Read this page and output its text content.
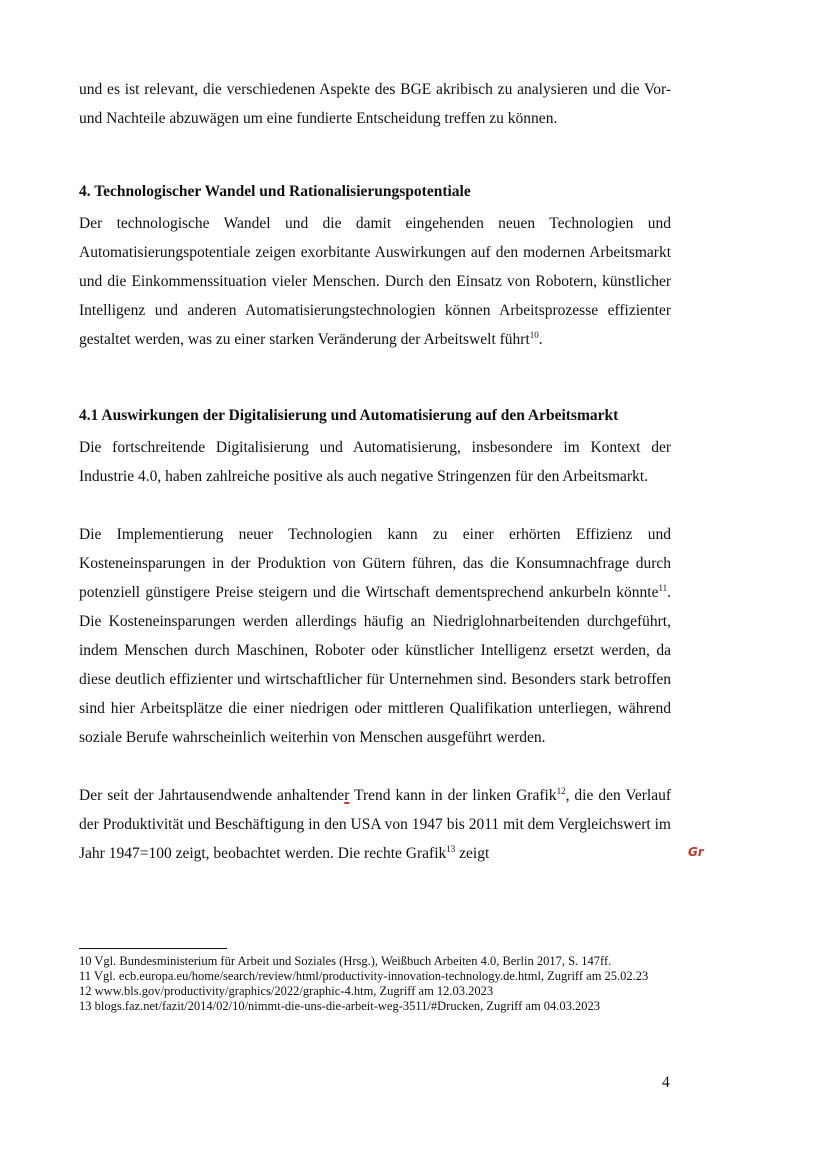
und es ist relevant, die verschiedenen Aspekte des BGE akribisch zu analysieren und die Vor- und Nachteile abzuwägen um eine fundierte Entscheidung treffen zu können.

4. Technologischer Wandel und Rationalisierungspotentiale

Der technologische Wandel und die damit eingehenden neuen Technologien und Automatisierungspotentiale zeigen exorbitante Auswirkungen auf den modernen Arbeitsmarkt und die Einkommenssituation vieler Menschen. Durch den Einsatz von Robotern, künstlicher Intelligenz und anderen Automatisierungstechnologien können Arbeitsprozesse effizienter gestaltet werden, was zu einer starken Veränderung der Arbeitswelt führt$^{10}$.

4.1 Auswirkungen der Digitalisierung und Automatisierung auf den Arbeitsmarkt

Die fortschreitende Digitalisierung und Automatisierung, insbesondere im Kontext der Industrie 4.0, haben zahlreiche positive als auch negative Stringenzen für den Arbeitsmarkt.

Die Implementierung neuer Technologien kann zu einer erhörten Effizienz und Kosteneinsparungen in der Produktion von Gütern führen, das die Konsumnachfrage durch potenziell günstigere Preise steigern und die Wirtschaft dementsprechend ankurbeln könnte$^{11}$. Die Kosteneinsparungen werden allerdings häufig an Niedriglohnarbeitenden durchgeführt, indem Menschen durch Maschinen, Roboter oder künstlicher Intelligenz ersetzt werden, da diese deutlich effizienter und wirtschaftlicher für Unternehmen sind. Besonders stark betroffen sind hier Arbeitsplätze die einer niedrigen oder mittleren Qualifikation unterliegen, während soziale Berufe wahrscheinlich weiterhin von Menschen ausgeführt werden.

Der seit der Jahrtausendwende anhaltender Trend kann in der linken Grafik$^{12}$, die den Verlauf der Produktivität und Beschäftigung in den USA von 1947 bis 2011 mit dem Vergleichswert im Jahr 1947=100 zeigt, beobachtet werden. Die rechte Grafik$^{13}$ zeigt	Gr
10 Vgl. Bundesministerium für Arbeit und Soziales (Hrsg.), Weißbuch Arbeiten 4.0, Berlin 2017, S. 147ff.
11 Vgl. ecb.europa.eu/home/search/review/html/productivity-innovation-technology.de.html, Zugriff am 25.02.23
12 www.bls.gov/productivity/graphics/2022/graphic-4.htm, Zugriff am 12.03.2023
13 blogs.faz.net/fazit/2014/02/10/nimmt-die-uns-die-arbeit-weg-3511/#Drucken, Zugriff am 04.03.2023
4
